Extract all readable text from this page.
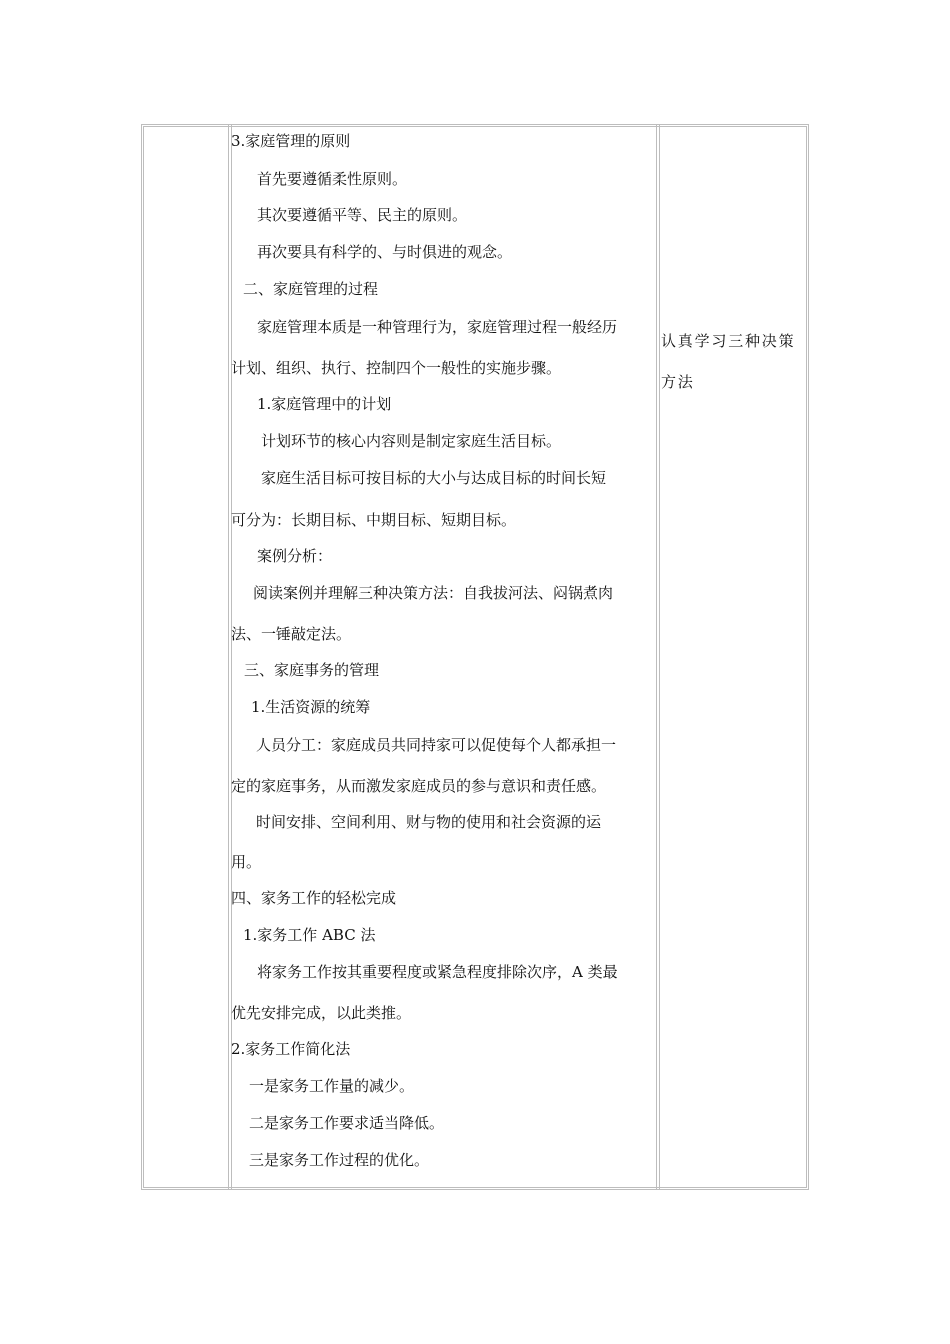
3.家庭管理的原则
首先要遵循柔性原则。
其次要遵循平等、民主的原则。
再次要具有科学的、与时俱进的观念。
二、家庭管理的过程
家庭管理本质是一种管理行为，家庭管理过程一般经历
计划、组织、执行、控制四个一般性的实施步骤。
1.家庭管理中的计划
计划环节的核心内容则是制定家庭生活目标。
家庭生活目标可按目标的大小与达成目标的时间长短
可分为：长期目标、中期目标、短期目标。
案例分析：
阅读案例并理解三种决策方法：自我拔河法、闷锅煮肉
法、一锤敲定法。
三、家庭事务的管理
1.生活资源的统筹
人员分工：家庭成员共同持家可以促使每个人都承担一
定的家庭事务，从而激发家庭成员的参与意识和责任感。
时间安排、空间利用、财与物的使用和社会资源的运
用。
四、家务工作的轻松完成
1.家务工作 ABC 法
将家务工作按其重要程度或紧急程度排除次序，A 类最
优先安排完成，以此类推。
2.家务工作简化法
一是家务工作量的减少。
二是家务工作要求适当降低。
三是家务工作过程的优化。
认真学习三种决策
方法
